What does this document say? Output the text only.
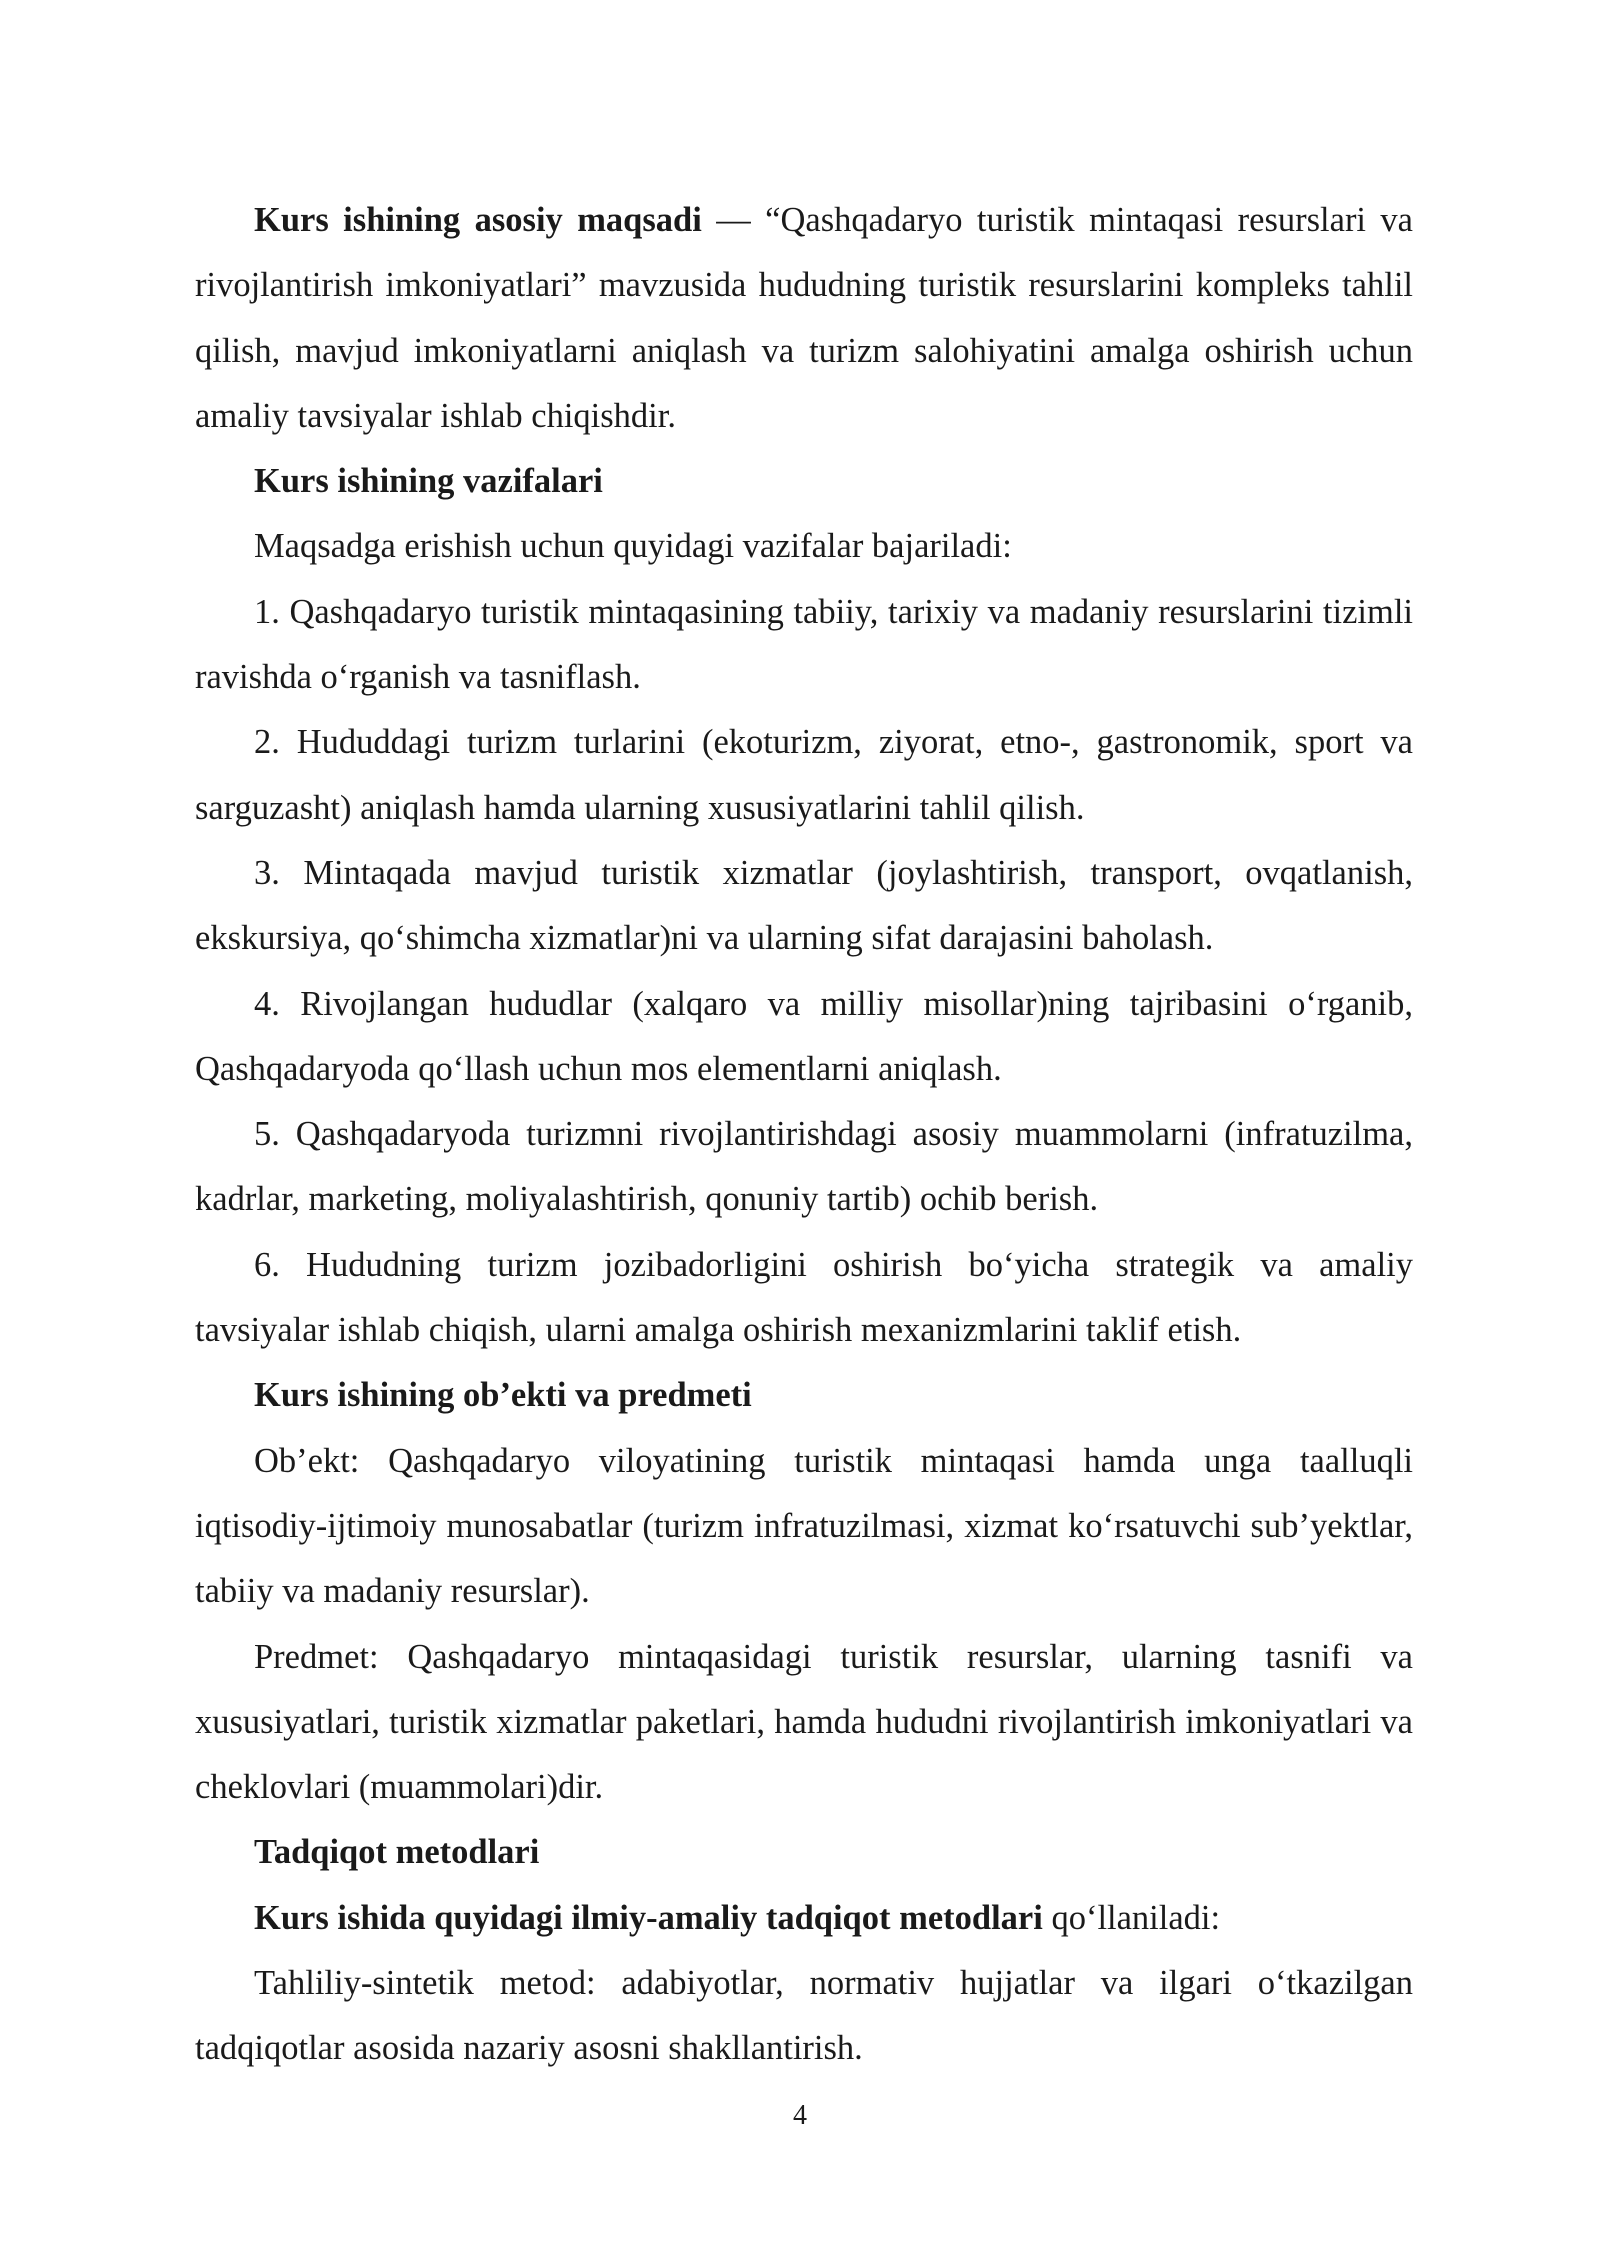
Kurs ishining asosiy maqsadi — “Qashqadaryo turistik mintaqasi resurslari va rivojlantirish imkoniyatlari” mavzusida hududning turistik resurslarini kompleks tahlil qilish, mavjud imkoniyatlarni aniqlash va turizm salohiyatini amalga oshirish uchun amaliy tavsiyalar ishlab chiqishdir.

Kurs ishining vazifalari

Maqsadga erishish uchun quyidagi vazifalar bajariladi:

1. Qashqadaryo turistik mintaqasining tabiiy, tarixiy va madaniy resurslarini tizimli ravishda oʻrganish va tasniflash.

2. Hududdagi turizm turlarini (ekoturizm, ziyorat, etno-, gastronomik, sport va sarguzasht) aniqlash hamda ularning xususiyatlarini tahlil qilish.

3. Mintaqada mavjud turistik xizmatlar (joylashtirish, transport, ovqatlanish, ekskursiya, qoʻshimcha xizmatlar)ni va ularning sifat darajasini baholash.

4. Rivojlangan hududlar (xalqaro va milliy misollar)ning tajribasini oʻrganib, Qashqadaryoda qoʻllash uchun mos elementlarni aniqlash.

5. Qashqadaryoda turizmni rivojlantirishdagi asosiy muammolarni (infratuzilma, kadrlar, marketing, moliyalashtirish, qonuniy tartib) ochib berish.

6. Hududning turizm jozibadorligini oshirish boʻyicha strategik va amaliy tavsiyalar ishlab chiqish, ularni amalga oshirish mexanizmlarini taklif etish.

Kurs ishining ob’ekti va predmeti

Ob’ekt: Qashqadaryo viloyatining turistik mintaqasi hamda unga taalluqli iqtisodiy-ijtimoiy munosabatlar (turizm infratuzilmasi, xizmat koʻrsatuvchi sub’yektlar, tabiiy va madaniy resurslar).

Predmet: Qashqadaryo mintaqasidagi turistik resurslar, ularning tasnifi va xususiyatlari, turistik xizmatlar paketlari, hamda hududni rivojlantirish imkoniyatlari va cheklovlari (muammolari)dir.

Tadqiqot metodlari

Kurs ishida quyidagi ilmiy-amaliy tadqiqot metodlari qoʻllaniladi:

Tahliliy-sintetik metod: adabiyotlar, normativ hujjatlar va ilgari oʻtkazilgan tadqiqotlar asosida nazariy asosni shakllantirish.

4
